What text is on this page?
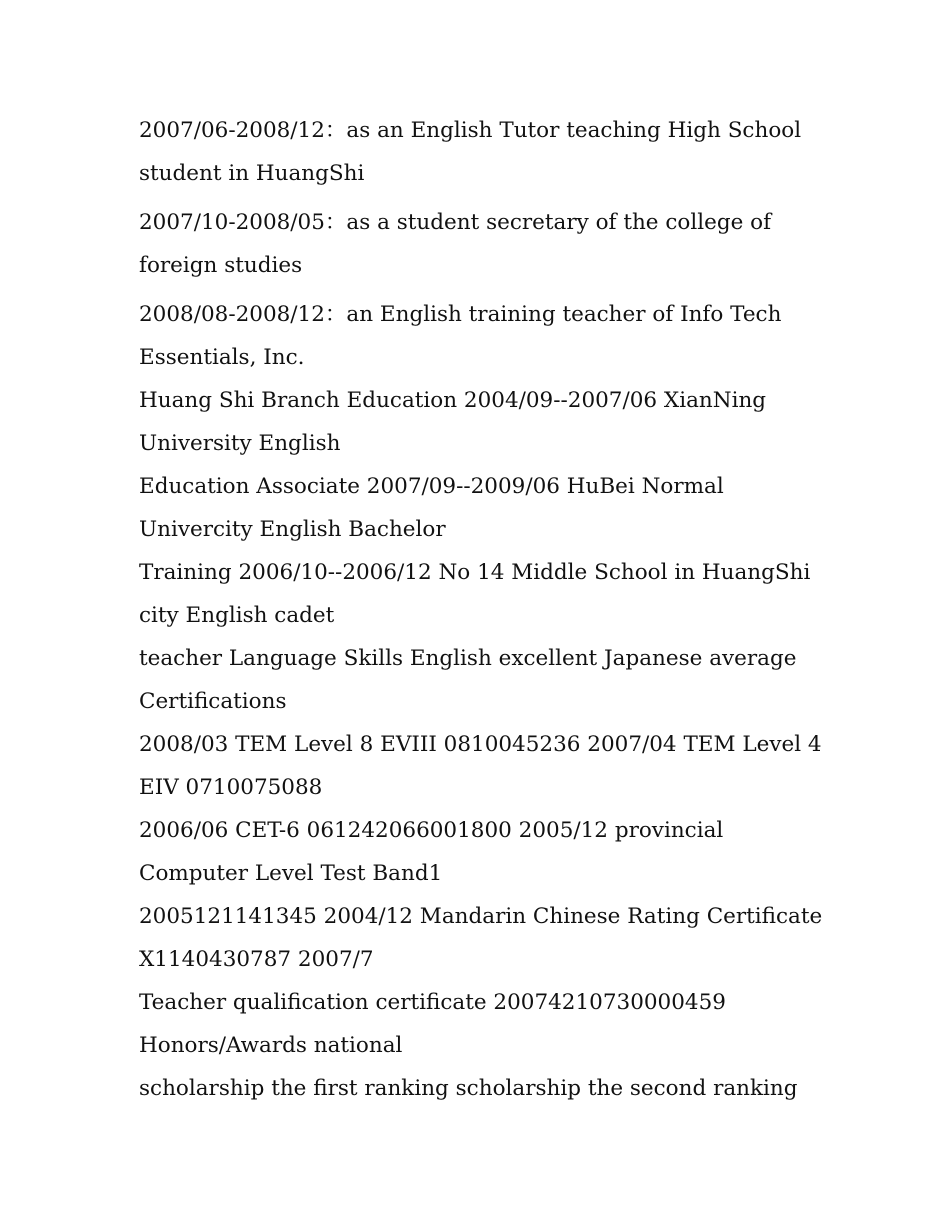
2007/06-2008/12：as an English Tutor teaching High School student in HuangShi

2007/10-2008/05：as a student secretary of the college of foreign studies

2008/08-2008/12：an English training teacher of Info Tech Essentials, Inc.

Huang Shi Branch Education 2004/09--2007/06 XianNing University English

Education Associate 2007/09--2009/06 HuBei Normal Univercity English Bachelor

Training 2006/10--2006/12 No 14 Middle School in HuangShi city English cadet

teacher Language Skills English excellent Japanese average Certifications

2008/03 TEM Level 8 EVIII 0810045236 2007/04 TEM Level 4 EIV 0710075088

2006/06 CET-6 061242066001800 2005/12 provincial Computer Level Test Band1

2005121141345 2004/12 Mandarin Chinese Rating Certificate X1140430787 2007/7

Teacher qualification certificate 20074210730000459

Honors/Awards national

scholarship the first ranking scholarship the second ranking
